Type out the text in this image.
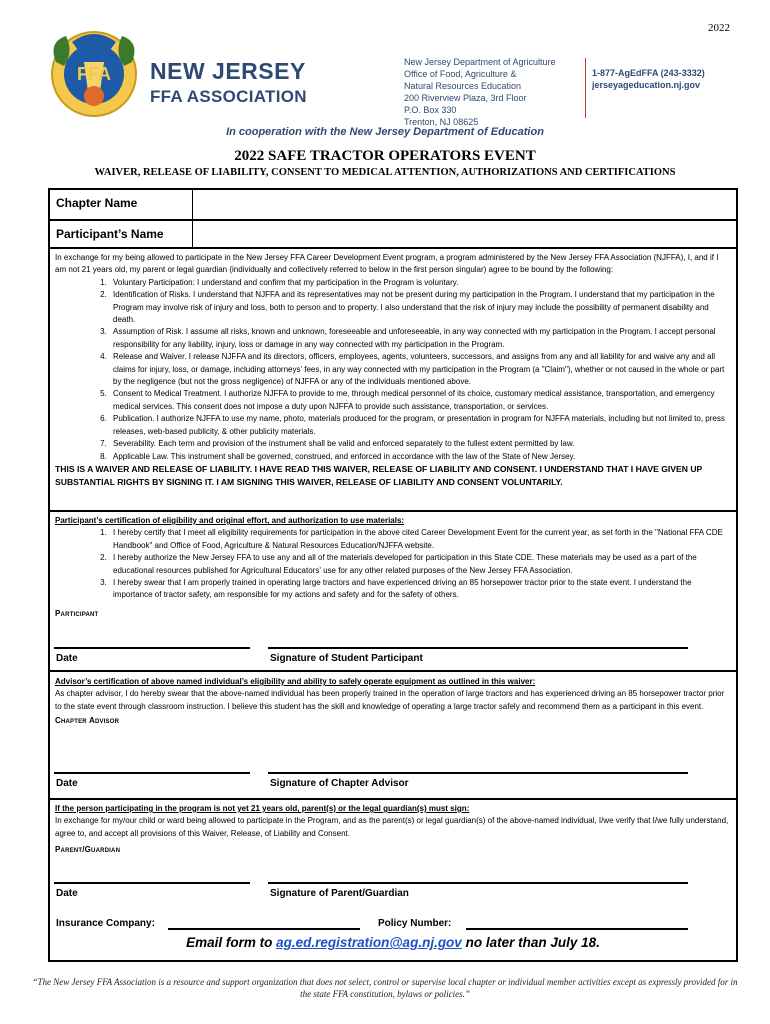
2022
FFA NEW JERSEY
FFA ASSOCIATION
New Jersey Department of Agriculture
Office of Food, Agriculture &
Natural Resources Education
200 Riverview Plaza, 3rd Floor
P.O. Box 330
Trenton, NJ 08625
1-877-AgEdFFA (243-3332)
jerseyageducation.nj.gov
In cooperation with the New Jersey Department of Education
2022 SAFE TRACTOR OPERATORS EVENT
WAIVER, RELEASE OF LIABILITY, CONSENT TO MEDICAL ATTENTION, AUTHORIZATIONS AND CERTIFICATIONS
Chapter Name
Participant’s Name

In exchange for my being allowed to participate in the New Jersey FFA Career Development Event program, a program administered by the New Jersey FFA Association (NJFFA), I, and if I am not 21 years old, my parent or legal guardian (individually and collectively referred to below in the first person singular) agree to be bound by the following:

1. Voluntary Participation: I understand and confirm that my participation in the Program is voluntary.
2. Identification of Risks. I understand that NJFFA and its representatives may not be present during my participation in the Program. I understand that my participation in the Program may involve risk of injury and loss, both to person and to property. I also understand that the risk of injury may include the possibility of permanent disability and death.
3. Assumption of Risk. I assume all risks, known and unknown, foreseeable and unforeseeable, in any way connected with my participation in the Program. I accept personal responsibility for any liability, injury, loss or damage in any way connected with my participation in the Program.
4. Release and Waiver. I release NJFFA and its directors, officers, employees, agents, volunteers, successors, and assigns from any and all liability for and waive any and all claims for injury, loss, or damage, including attorneys' fees, in any way connected with my participation in the Program (a "Claim"), whether or not caused in the whole or part by the negligence (but not the gross negligence) of NJFFA or any of the individuals mentioned above.
5. Consent to Medical Treatment. I authorize NJFFA to provide to me, through medical personnel of its choice, customary medical assistance, transportation, and emergency medical services. This consent does not impose a duty upon NJFFA to provide such assistance, transportation, or services.
6. Publication. I authorize NJFFA to use my name, photo, materials produced for the program, or presentation in program for NJFFA materials, including but not limited to, press releases, web-based publicity, & other publicity materials.
7. Severability. Each term and provision of the instrument shall be valid and enforced separately to the fullest extent permitted by law.
8. Applicable Law. This instrument shall be governed, construed, and enforced in accordance with the law of the State of New Jersey.

THIS IS A WAIVER AND RELEASE OF LIABILITY. I HAVE READ THIS WAIVER, RELEASE OF LIABILITY AND CONSENT. I UNDERSTAND THAT I HAVE GIVEN UP SUBSTANTIAL RIGHTS BY SIGNING IT. I AM SIGNING THIS WAIVER, RELEASE OF LIABILITY AND CONSENT VOLUNTARILY.

Participant’s certification of eligibility and original effort, and authorization to use materials:

1. I hereby certify that I meet all eligibility requirements for participation in the above cited Career Development Event for the current year, as set forth in the "National FFA CDE Handbook" and Office of Food, Agriculture & Natural Resources Education/NJFFA website.
2. I hereby authorize the New Jersey FFA to use any and all of the materials developed for participation in this State CDE. These materials may be used as a part of the educational resources published for Agricultural Educators' use for any other related purposes of the New Jersey FFA Association.
3. I hereby swear that I am properly trained in operating large tractors and have experienced driving an 85 horsepower tractor prior to the state event. I understand the importance of tractor safety, am responsible for my actions and safety and for the safety of others.

Participant

Date	Signature of Student Participant

Advisor’s certification of above named individual’s eligibility and ability to safely operate equipment as outlined in this waiver:

As chapter advisor, I do hereby swear that the above-named individual has been properly trained in the operation of large tractors and has experienced driving an 85 horsepower tractor prior to the state event through classroom instruction. I believe this student has the skill and knowledge of operating a large tractor safely and recommend them as a participant in this event.

Chapter Advisor

Date	Signature of Chapter Advisor

If the person participating in the program is not yet 21 years old, parent(s) or the legal guardian(s) must sign:

In exchange for my/our child or ward being allowed to participate in the Program, and as the parent(s) or legal guardian(s) of the above-named individual, I/we verify that I/we fully understand, agree to, and accept all provisions of this Waiver, Release, of Liability and Consent.

Parent/Guardian

Date	Signature of Parent/Guardian
Insurance Company:	Policy Number:
Email form to ag.ed.registration@ag.nj.gov no later than July 18.
“The New Jersey FFA Association is a resource and support organization that does not select, control or supervise local chapter or individual member activities except as expressly provided for in the state FFA constitution, bylaws or policies.”
